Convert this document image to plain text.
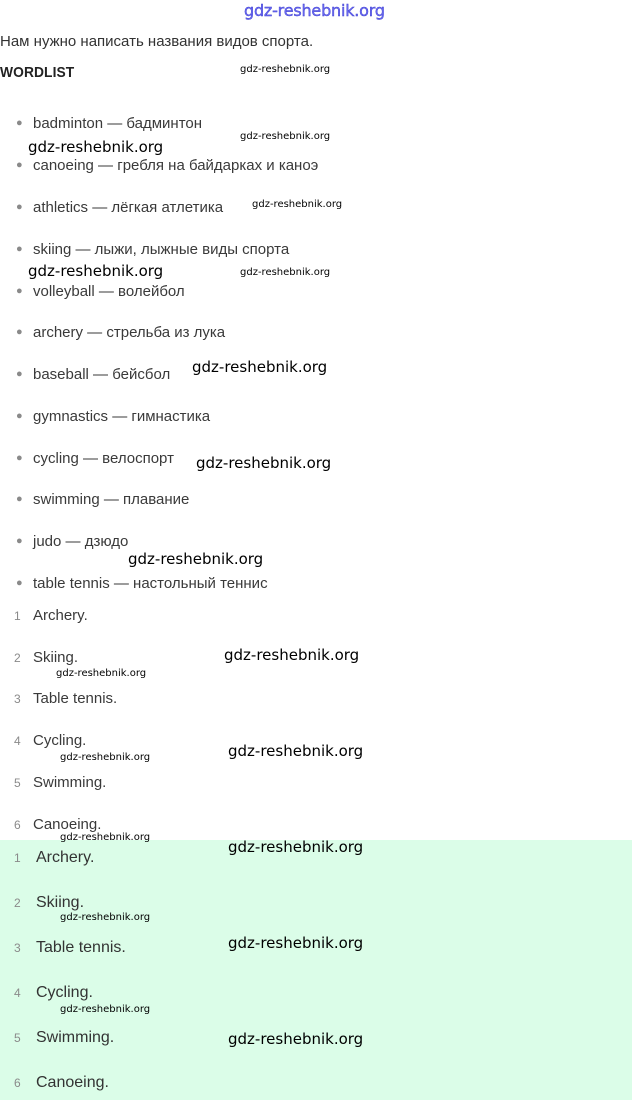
gdz-reshebnik.org
Нам нужно написать названия видов спорта.
WORDLIST
● badminton — бадминтон
● canoeing — гребля на байдарках и каноэ
● athletics — лёгкая атлетика
● skiing — лыжи, лыжные виды спорта
● volleyball — волейбол
● archery — стрельба из лука
● baseball — бейсбол
● gymnastics — гимнастика
● cycling — велоспорт
● swimming — плавание
● judo — дзюдо
● table tennis — настольный теннис
1 Archery.
2 Skiing.
3 Table tennis.
4 Cycling.
5 Swimming.
6 Canoeing.
1 Archery.
2 Skiing.
3 Table tennis.
4 Cycling.
5 Swimming.
6 Canoeing.
gdz-reshebnik.org
gdz-reshebnik.org
gdz-reshebnik.org
gdz-reshebnik.org
gdz-reshebnik.org	gdz-reshebnik.org
gdz-reshebnik.org
gdz-reshebnik.org
gdz-reshebnik.org
gdz-reshebnik.org
gdz-reshebnik.org
gdz-reshebnik.org
gdz-reshebnik.org
gdz-reshebnik.org
gdz-reshebnik.org
gdz-reshebnik.org
gdz-reshebnik.org
gdz-reshebnik.org
gdz-reshebnik.org
